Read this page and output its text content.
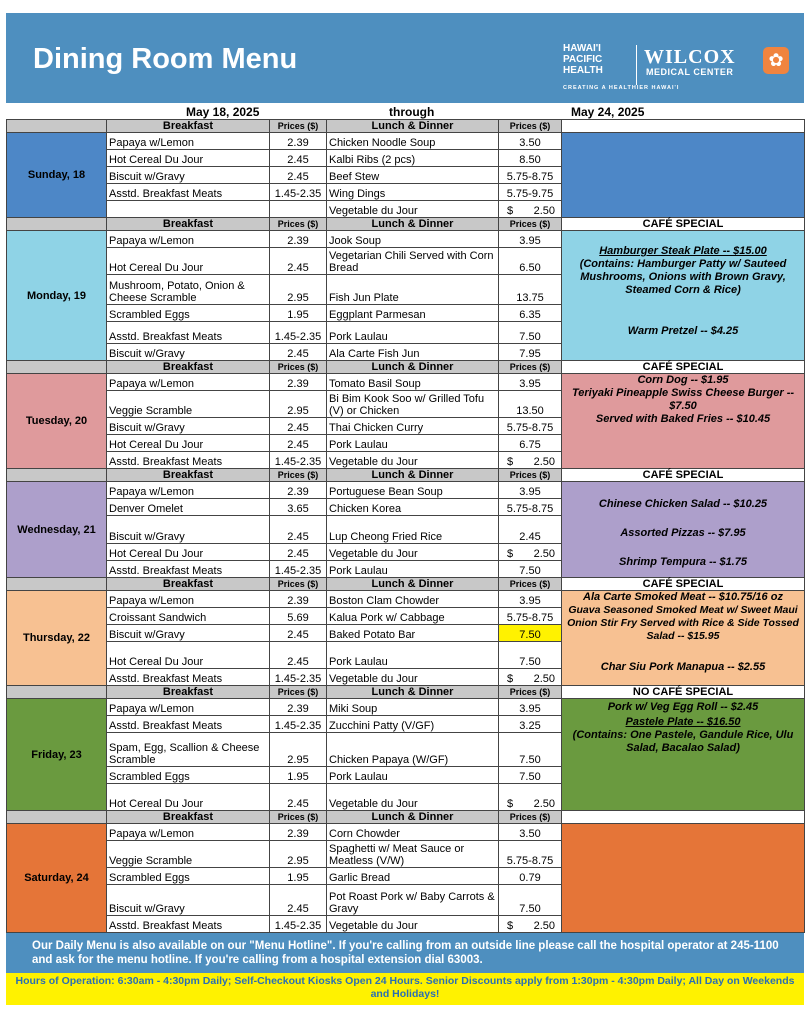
Dining Room Menu	HAWAI'I PACIFIC HEALTH
WILCOX
MEDICAL CENTER
CREATING A HEALTHIER HAWAI'I
✿
May 18, 2025	through	May 24, 2025
	Breakfast	Prices ($)	Lunch & Dinner	Prices ($)	
Sunday, 18	Papaya w/Lemon	2.39	Chicken Noodle Soup	3.50	
	Hot Cereal Du Jour	2.45	Kalbi Ribs (2 pcs)	8.50	
	Biscuit w/Gravy	2.45	Beef Stew	5.75-8.75	
	Asstd. Breakfast Meats	1.45-2.35	Wing Dings	5.75-9.75	
			Vegetable du Jour	$ 2.50	
	Breakfast	Prices ($)	Lunch & Dinner	Prices ($)	CAFÉ SPECIAL
Monday, 19	Papaya w/Lemon	2.39	Jook Soup	3.95	Hamburger Steak Plate -- $15.00
(Contains: Hamburger Patty w/ Sauteed Mushrooms, Onions with Brown Gravy, Steamed Corn & Rice)
Warm Pretzel -- $4.25

	Hot Cereal Du Jour	2.45	Vegetarian Chili Served with Corn Bread	6.50	
	Mushroom, Potato, Onion & Cheese Scramble	2.95	Fish Jun Plate	13.75	
	Scrambled Eggs	1.95	Eggplant Parmesan	6.35	
	Asstd. Breakfast Meats	1.45-2.35	Pork Laulau	7.50	
	Biscuit w/Gravy	2.45	Ala Carte Fish Jun	7.95	
	Breakfast	Prices ($)	Lunch & Dinner	Prices ($)	CAFÉ SPECIAL
Tuesday, 20	Papaya w/Lemon	2.39	Tomato Basil Soup	3.95	Corn Dog -- $1.95
Teriyaki Pineapple Swiss Cheese Burger -- $7.50
Served with Baked Fries -- $10.45

	Veggie Scramble	2.95	Bi Bim Kook Soo w/ Grilled Tofu (V) or Chicken	13.50	
	Biscuit w/Gravy	2.45	Thai Chicken Curry	5.75-8.75	
	Hot Cereal Du Jour	2.45	Pork Laulau	6.75	
	Asstd. Breakfast Meats	1.45-2.35	Vegetable du Jour	$ 2.50	
	Breakfast	Prices ($)	Lunch & Dinner	Prices ($)	CAFÉ SPECIAL
Wednesday, 21	Papaya w/Lemon	2.39	Portuguese Bean Soup	3.95	Chinese Chicken Salad -- $10.25
Assorted Pizzas -- $7.95
Shrimp Tempura -- $1.75

	Denver Omelet	3.65	Chicken Korea	5.75-8.75	
	Biscuit w/Gravy	2.45	Lup Cheong Fried Rice	2.45	
	Hot Cereal Du Jour	2.45	Vegetable du Jour	$ 2.50	
	Asstd. Breakfast Meats	1.45-2.35	Pork Laulau	7.50	
	Breakfast	Prices ($)	Lunch & Dinner	Prices ($)	CAFÉ SPECIAL
Thursday, 22	Papaya w/Lemon	2.39	Boston Clam Chowder	3.95	Ala Carte Smoked Meat -- $10.75/16 oz
Guava Seasoned Smoked Meat w/ Sweet Maui Onion Stir Fry Served with Rice & Side Tossed Salad -- $15.95
Char Siu Pork Manapua -- $2.55

	Croissant Sandwich	5.69	Kalua Pork w/ Cabbage	5.75-8.75	
	Biscuit w/Gravy	2.45	Baked Potato Bar	7.50	
	Hot Cereal Du Jour	2.45	Pork Laulau	7.50	
	Asstd. Breakfast Meats	1.45-2.35	Vegetable du Jour	$ 2.50	
	Breakfast	Prices ($)	Lunch & Dinner	Prices ($)	NO CAFÉ SPECIAL
Friday, 23	Papaya w/Lemon	2.39	Miki Soup	3.95	Pork w/ Veg Egg Roll -- $2.45
Pastele Plate -- $16.50
(Contains: One Pastele, Gandule Rice, Ulu Salad, Bacalao Salad)

	Asstd. Breakfast Meats	1.45-2.35	Zucchini Patty (V/GF)	3.25	
	Spam, Egg, Scallion & Cheese Scramble	2.95	Chicken Papaya (W/GF)	7.50	
	Scrambled Eggs	1.95	Pork Laulau	7.50	
	Hot Cereal Du Jour	2.45	Vegetable du Jour	$ 2.50	
	Breakfast	Prices ($)	Lunch & Dinner	Prices ($)	
Saturday, 24	Papaya w/Lemon	2.39	Corn Chowder	3.50	
	Veggie Scramble	2.95	Spaghetti w/ Meat Sauce or Meatless (V/W)	5.75-8.75	
	Scrambled Eggs	1.95	Garlic Bread	0.79	
	Biscuit w/Gravy	2.45	Pot Roast Pork w/ Baby Carrots & Gravy	7.50	
	Asstd. Breakfast Meats	1.45-2.35	Vegetable du Jour	$ 2.50	
Our Daily Menu is also available on our "Menu Hotline". If you're calling from an outside line please call the hospital operator at 245-1100 and ask for the menu hotline. If you're calling from a hospital extension dial 63003.
Hours of Operation: 6:30am - 4:30pm Daily; Self-Checkout Kiosks Open 24 Hours. Senior Discounts apply from 1:30pm - 4:30pm Daily; All Day on Weekends and Holidays!
